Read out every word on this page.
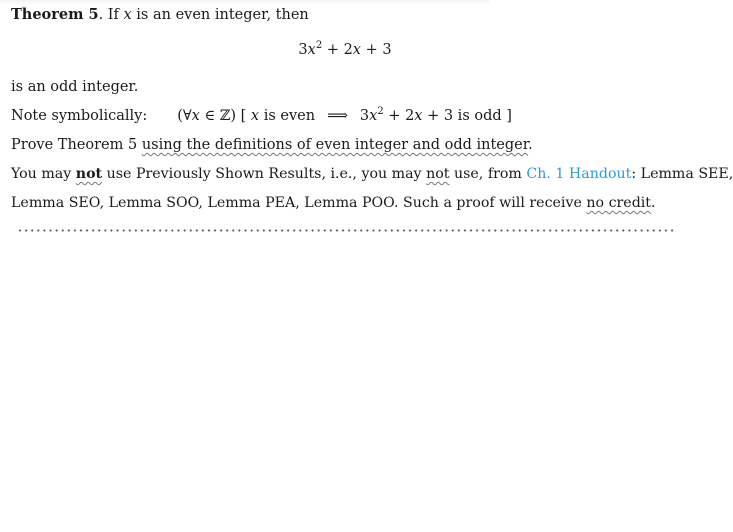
Theorem 5. If x is an even integer, then
$3x^2 + 2x + 3$
is an odd integer.
Note symbolically: (∀x ∈ ℤ) [ x is even ⟹ $3x^2 + 2x + 3$ is odd ]
Prove Theorem 5 using the definitions of even integer and odd integer.
You may not use Previously Shown Results, i.e., you may not use, from Ch. 1 Handout: Lemma SEE,
Lemma SEO, Lemma SOO, Lemma PEA, Lemma POO. Such a proof will receive no credit.
